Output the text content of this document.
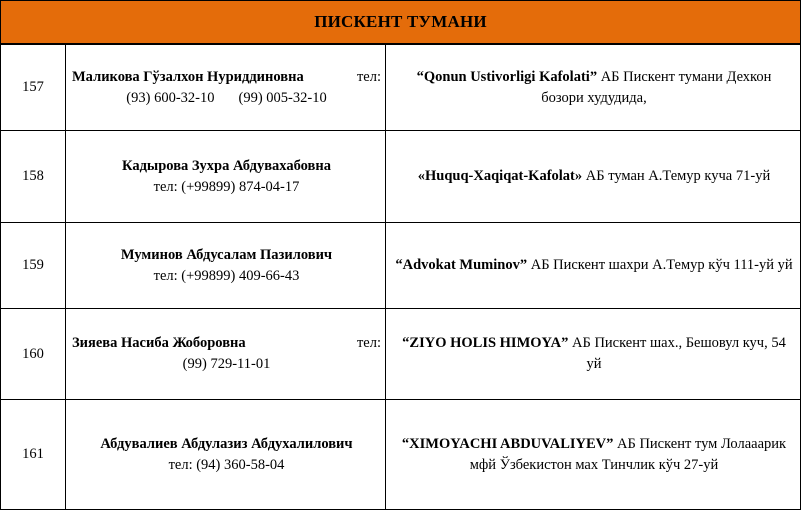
ПИСКЕНТ ТУМАНИ
157	Маликова Гўзалхон Нуриддиновна тел:
(93) 600-32-10 (99) 005-32-10	“Qonun Ustivorligi Kafolati” АБ Пискент тумани Дехкон бозори худудида,
158	Кадырова Зухра Абдувахабовна
тел: (+99899) 874-04-17	«Huquq-Xaqiqat-Kafolat» АБ туман А.Темур куча 71-уй
159	Муминов Абдусалам Пазилович
тел: (+99899) 409-66-43	“Advokat Muminov” АБ Пискент шахри А.Темур кўч 111-уй уй
160	Зияева Насиба Жоборовна тел:
(99) 729-11-01	“ZIYO HOLIS HIMOYA” АБ Пискент шах., Бешовул куч, 54 уй
161	Абдувалиев Абдулазиз Абдухалилович
тел: (94) 360-58-04	“XIMOYACHI ABDUVALIYEV” АБ Пискент тум Лолаaарик мфй Ўзбекистон мах Тинчлик кўч 27-уй
